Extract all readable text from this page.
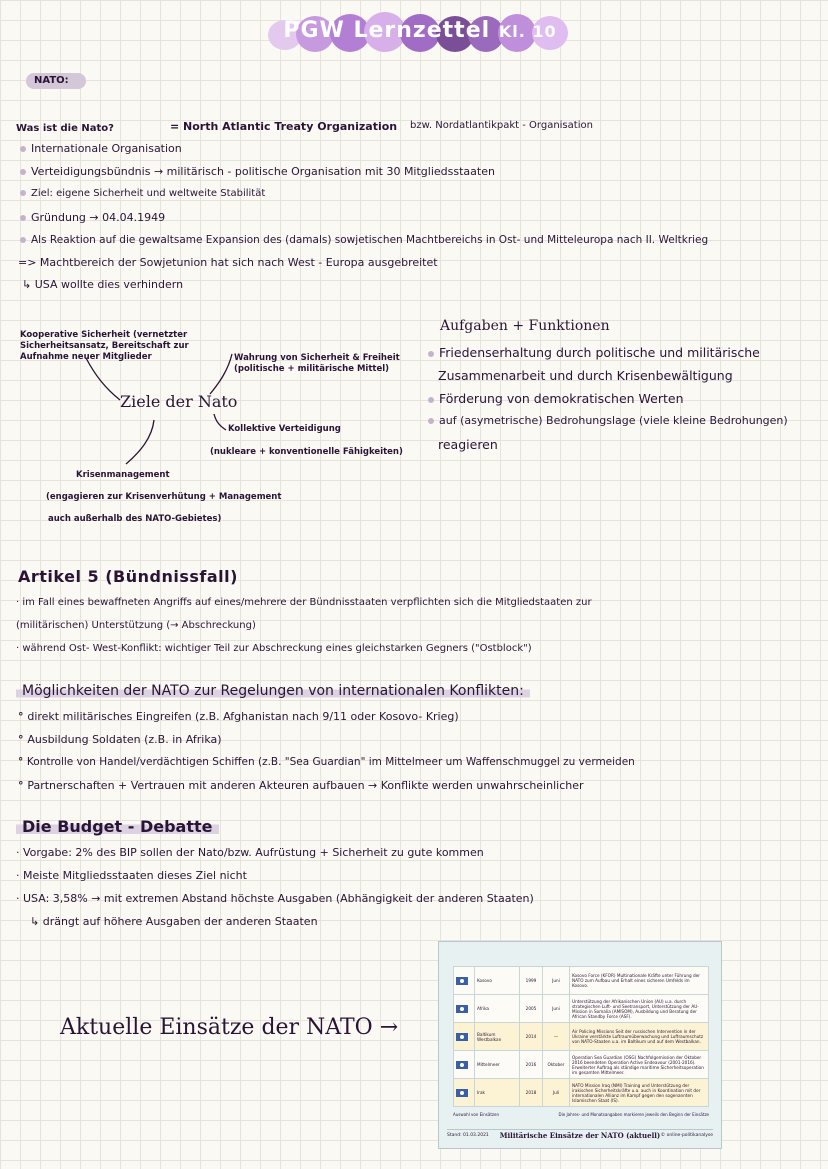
PGW Lernzettel Kl. 10
NATO:
Was ist die Nato?	= North Atlantic Treaty Organization bzw. Nordatlantikpakt - Organisation
Internationale Organisation
Verteidigungsbündnis → militärisch - politische Organisation mit 30 Mitgliedsstaaten
Ziel: eigene Sicherheit und weltweite Stabilität
Gründung → 04.04.1949
Als Reaktion auf die gewaltsame Expansion des (damals) sowjetischen Machtbereichs in Ost- und Mitteleuropa nach II. Weltkrieg
=> Machtbereich der Sowjetunion hat sich nach West - Europa ausgebreitet
↳ USA wollte dies verhindern
Kooperative Sicherheit (vernetzter Sicherheitsansatz, Bereitschaft zur Aufnahme neuer Mitglieder	Wahrung von Sicherheit & Freiheit (politische + militärische Mittel)
Ziele der Nato
Kollektive Verteidigung
(nukleare + konventionelle Fähigkeiten)
Krisenmanagement
(engagieren zur Krisenverhütung + Management
auch außerhalb des NATO-Gebietes)
Aufgaben + Funktionen
Friedenserhaltung durch politische und militärische
Zusammenarbeit und durch Krisenbewältigung
Förderung von demokratischen Werten
auf (asymetrische) Bedrohungslage (viele kleine Bedrohungen)
reagieren
Artikel 5 (Bündnissfall)
· im Fall eines bewaffneten Angriffs auf eines/mehrere der Bündnisstaaten verpflichten sich die Mitgliedstaaten zur
(militärischen) Unterstützung (→ Abschreckung)
· während Ost- West-Konflikt: wichtiger Teil zur Abschreckung eines gleichstarken Gegners ("Ostblock")
Möglichkeiten der NATO zur Regelungen von internationalen Konflikten:
° direkt militärisches Eingreifen (z.B. Afghanistan nach 9/11 oder Kosovo- Krieg)
° Ausbildung Soldaten (z.B. in Afrika)
° Kontrolle von Handel/verdächtigen Schiffen (z.B. "Sea Guardian" im Mittelmeer um Waffenschmuggel zu vermeiden
° Partnerschaften + Vertrauen mit anderen Akteuren aufbauen → Konflikte werden unwahrscheinlicher
Die Budget - Debatte
· Vorgabe: 2% des BIP sollen der Nato/bzw. Aufrüstung + Sicherheit zu gute kommen
· Meiste Mitgliedsstaaten dieses Ziel nicht
· USA: 3,58% → mit extremen Abstand höchste Ausgaben (Abhängigkeit der anderen Staaten)
↳ drängt auf höhere Ausgaben der anderen Staaten
Aktuelle Einsätze der NATO →
	Kosovo	1999	Juni	Kosovo Force (KFOR) Multinationale Kräfte unter Führung der NATO zum Aufbau und Erhalt eines sicheren Umfelds im Kosovo.

	Afrika	2005	Juni	Unterstützung der Afrikanischen Union (AU) u.a. durch strategischen Luft- und Seetransport, Unterstützung der AU-Mission in Somalia (AMISOM), Ausbildung und Beratung der African Standby Force (ASF).

	Baltikum Westbalkan	2014	—	Air Policing Missions Seit der russischen Intervention in der Ukraine verstärkte Luftraumüberwachung und Luftraumschutz von NATO-Staaten u.a. im Baltikum und auf dem Westbalkan.

	Mittelmeer	2016	Oktober	Operation Sea Guardian (OSG) Nachfolgemission der Oktober 2016 beendeten Operation Active Endeavour (2001-2016). Erweiterter Auftrag als ständige maritime Sicherheitsoperation im gesamten Mittelmeer.

	Irak	2018	Juli	NATO Mission Iraq (NMI) Training und Unterstützung der irakischen Sicherheitskräfte u.a. auch in Koordination mit der internationalen Allianz im Kampf gegen den sogenannten Islamischen Staat (IS).
Auswahl von Einsätzen	Die Jahres- und Monatsangaben markieren jeweils den Beginn der Einsätze
Stand: 01.03.2021	Militärische Einsätze der NATO (aktuell) © online-politikanalyse
